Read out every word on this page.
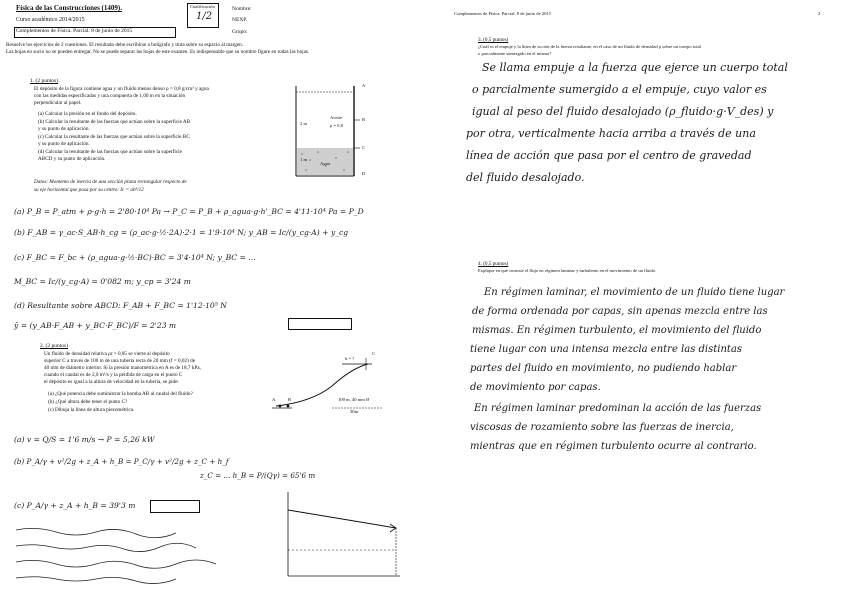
Física de las Construcciones (1409).
Curso académico 2014/2015
Complementos de Física. Parcial. 8 de junio de 2015
Cualificación
1/2
Nombre:
NEXP.
Grupo:
Resuelve los ejercicios de 2 cuestiones. El resultado debe escribirse a bolígrafo y tinta sobre su espacio al margen.
Las hojas en sucio no se pueden entregar. No se puede separar las hojas de este examen. Es indispensable que su nombre figure en todas las hojas.
1. (2 puntos)
El depósito de la figura contiene agua y un fluido menos denso ρ = 0,8 g/cm³ y agua
con las medidas especificadas y una compuerta de 1,00 m en la situación
perpendicular al papel.
(a) Calcular la presión en el fondo del depósito.
(b) Calcular la resultante de las fuerzas que actúan sobre la superficie AB
y su punto de aplicación.
(c) Calcular la resultante de las fuerzas que actúan sobre la superficie BC
y su punto de aplicación.
(d) Calcular la resultante de las fuerzas que actúan sobre la superficie
ABCD y su punto de aplicación.
Datos: Momento de inercia de una sección plana rectangular respecto de
su eje horizontal que pasa por su centro: Ic = ab³/12
A
B
C
D
Aceite
ρ = 0,8
Agua
2 m
1 m
(a) P_B = P_atm + ρ·g·h = 2'80·10⁴ Pa → P_C = P_B + ρ_agua·g·h'_BC = 4'11·10⁴ Pa = P_D
(b) F_AB = γ_ac·S_AB·h_cg = (ρ_ac·g·½·2A)·2·1 = 1'9·10⁴ N; y_AB = Ic/(y_cg·A) + y_cg
(c) F_BC = F_bc + (ρ_agua·g·½·BC)·BC = 3'4·10⁴ N; y_BC = ...
M_BC = Ic/(y_cg·A) = 0'082 m; y_cp = 3'24 m
(d) Resultante sobre ABCD: F_AB + F_BC = 1'12·10⁵ N
ȳ = (y_AB·F_AB + y_BC·F_BC)/F = 2'23 m
2. (2 puntos)
Un fluido de densidad relativa ρr = 0,85 se vierte al depósito
superior C a través de 100 m de una tubería recta de 20 mm (f = 0,02) de
40 mm de diámetro interior. Si la presión manométrica en A es de 18,7 kPa,
cuando el caudal es de 2,0 m³/s y la pérdida de carga en el punto C
el depósito es igual a la altura de velocidad en la tubería, se pide:
(a) ¿Qué potencia debe suministrar la bomba AB al caudal del fluido?
(b) ¿Qué altura debe tener el punto C?
(c) Dibuja la línea de altura piezométrica.
h = ?
C
A	B	100 m, 40 mm Ø
30m
(a) v = Q/S = 1'6 m/s → P = 5,26 kW
(b) P_A/γ + v²/2g + z_A + h_B = P_C/γ + v²/2g + z_C + h_f
z_C = ... h_B = P/(Qγ) = 65'6 m
(c) P_A/γ + z_A + h_B = 39'3 m
Complementos de Física. Parcial. 8 de junio de 2015	2
3. (0,5 puntos)
¿Cuál es el empuje y la línea de acción de la fuerza resultante, en el caso de un fluido de densidad ρ sobre un cuerpo total
o parcialmente sumergido en el mismo?
Se llama empuje a la fuerza que ejerce un cuerpo total
o parcialmente sumergido a el empuje, cuyo valor es
igual al peso del fluido desalojado (ρ_fluido·g·V_des) y
por otra, verticalmente hacia arriba a través de una
línea de acción que pasa por el centro de gravedad
del fluido desalojado.
4. (0,5 puntos)
Explique en qué consiste el flujo en régimen laminar y turbulento en el movimiento de un fluido.
En régimen laminar, el movimiento de un fluido tiene lugar
de forma ordenada por capas, sin apenas mezcla entre las
mismas. En régimen turbulento, el movimiento del fluido
tiene lugar con una intensa mezcla entre las distintas
partes del fluido en movimiento, no pudiendo hablar
de movimiento por capas.
En régimen laminar predominan la acción de las fuerzas
viscosas de rozamiento sobre las fuerzas de inercia,
mientras que en régimen turbulento ocurre al contrario.
